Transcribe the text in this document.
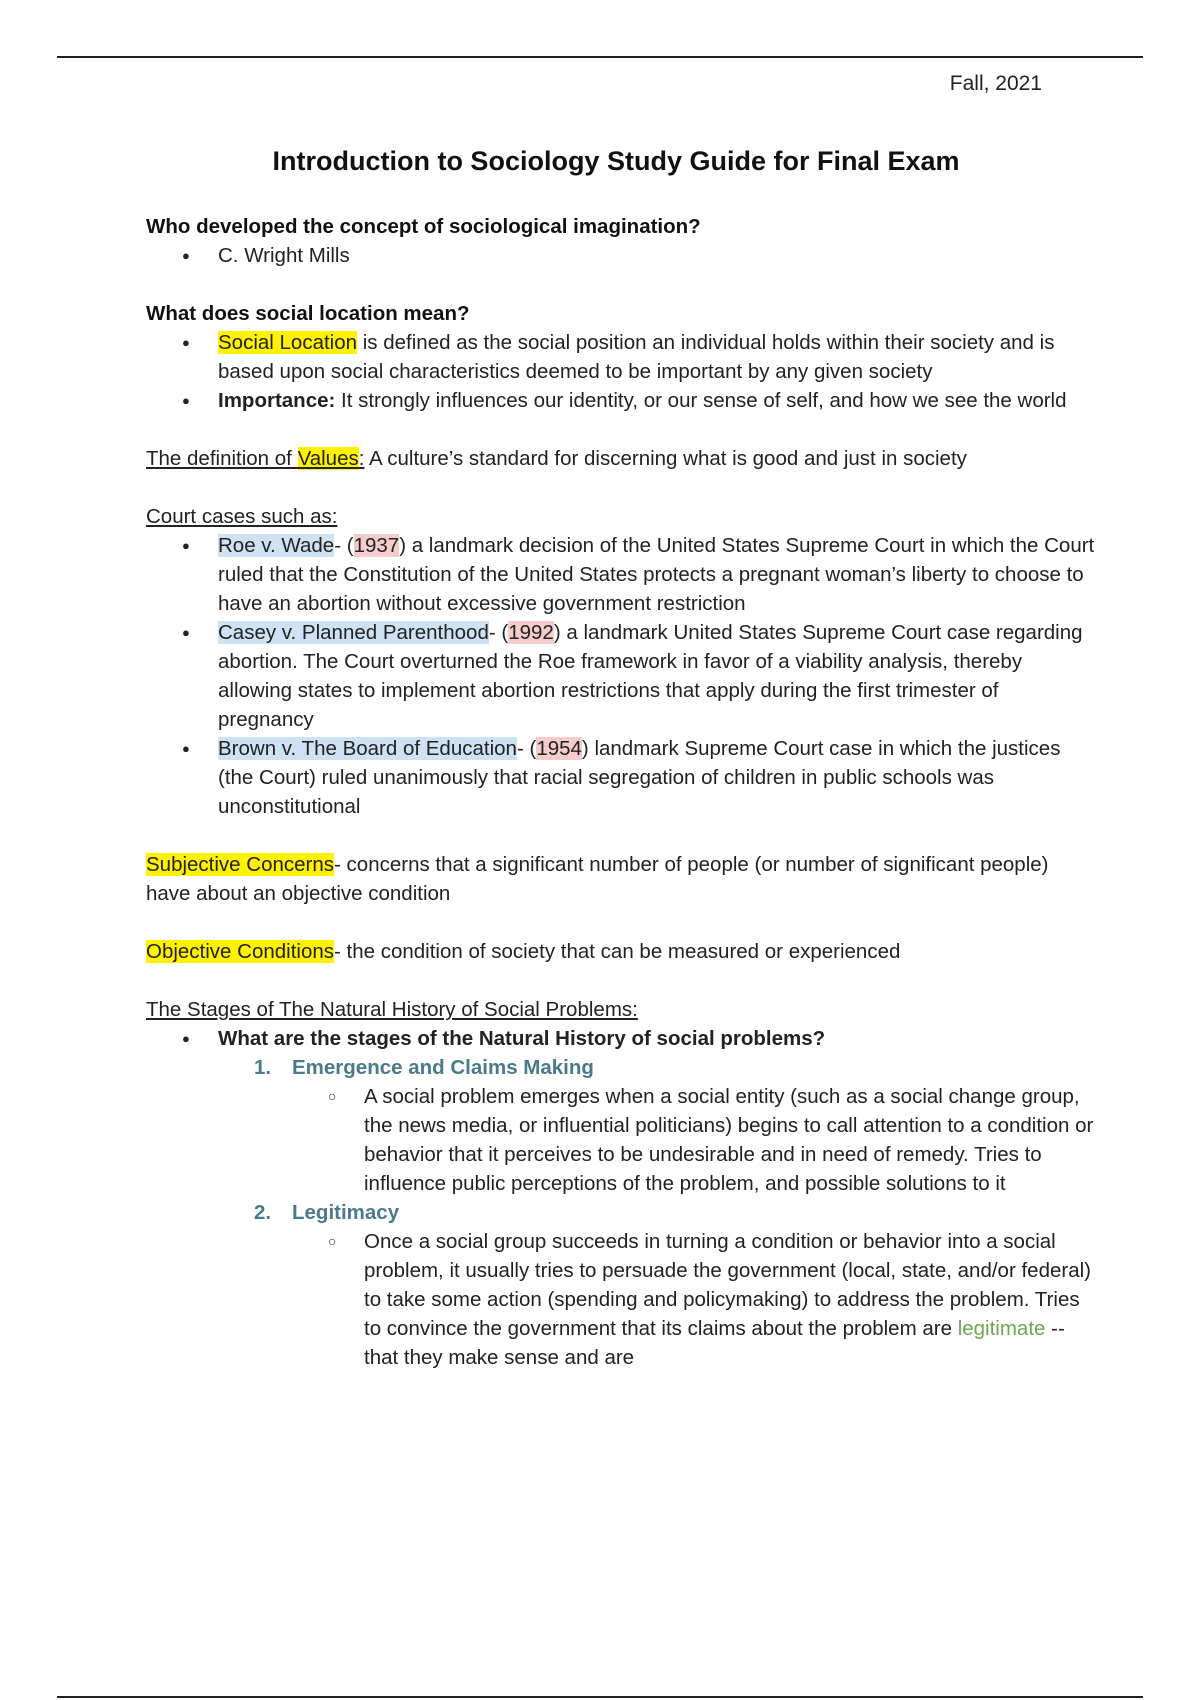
Fall, 2021
Introduction to Sociology Study Guide for Final Exam

Who developed the concept of sociological imagination?

● C. Wright Mills

What does social location mean?

● Social Location is defined as the social position an individual holds within their society and is based upon social characteristics deemed to be important by any given society
● Importance: It strongly influences our identity, or our sense of self, and how we see the world

The definition of Values: A culture’s standard for discerning what is good and just in society

Court cases such as:

● Roe v. Wade- (1937) a landmark decision of the United States Supreme Court in which the Court ruled that the Constitution of the United States protects a pregnant woman’s liberty to choose to have an abortion without excessive government restriction
● Casey v. Planned Parenthood- (1992) a landmark United States Supreme Court case regarding abortion. The Court overturned the Roe framework in favor of a viability analysis, thereby allowing states to implement abortion restrictions that apply during the first trimester of pregnancy
● Brown v. The Board of Education- (1954) landmark Supreme Court case in which the justices (the Court) ruled unanimously that racial segregation of children in public schools was unconstitutional

Subjective Concerns- concerns that a significant number of people (or number of significant people) have about an objective condition

Objective Conditions- the condition of society that can be measured or experienced

The Stages of The Natural History of Social Problems:

● What are the stages of the Natural History of social problems?
1. Emergence and Claims Making
○ A social problem emerges when a social entity (such as a social change group, the news media, or influential politicians) begins to call attention to a condition or behavior that it perceives to be undesirable and in need of remedy. Tries to influence public perceptions of the problem, and possible solutions to it
2. Legitimacy
○ Once a social group succeeds in turning a condition or behavior into a social problem, it usually tries to persuade the government (local, state, and/or federal) to take some action (spending and policymaking) to address the problem. Tries to convince the government that its claims about the problem are legitimate -- that they make sense and are
